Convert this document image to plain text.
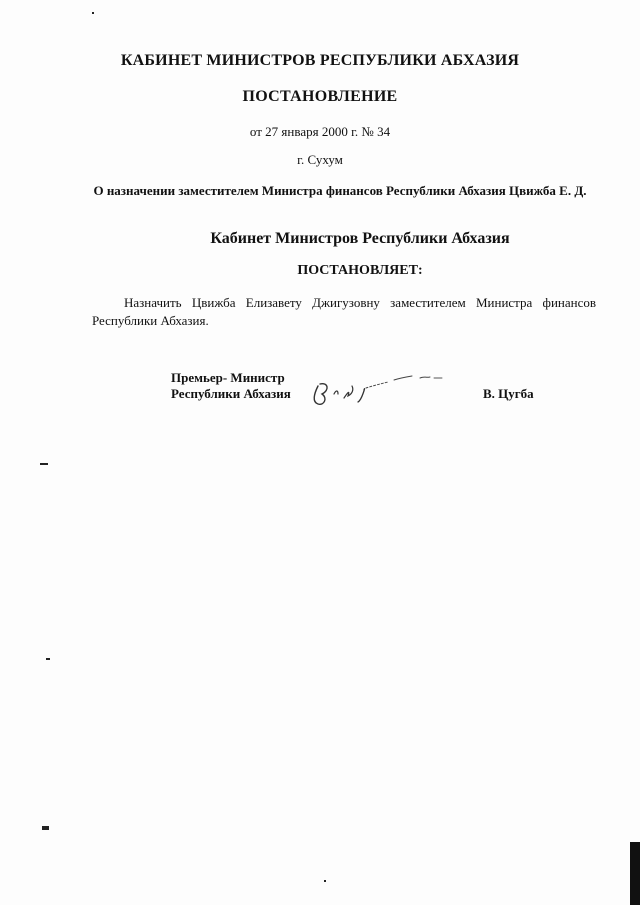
КАБИНЕТ МИНИСТРОВ РЕСПУБЛИКИ АБХАЗИЯ
ПОСТАНОВЛЕНИЕ
от 27 января 2000 г. № 34
г. Сухум
О назначении заместителем Министра финансов Республики Абхазия Цвижба Е. Д.
Кабинет Министров Республики Абхазия
ПОСТАНОВЛЯЕТ:
Назначить Цвижба Елизавету Джигузовну заместителем Министра финансов Республики Абхазия.
Премьер- Министр
Республики Абхазия	В. Цугба
